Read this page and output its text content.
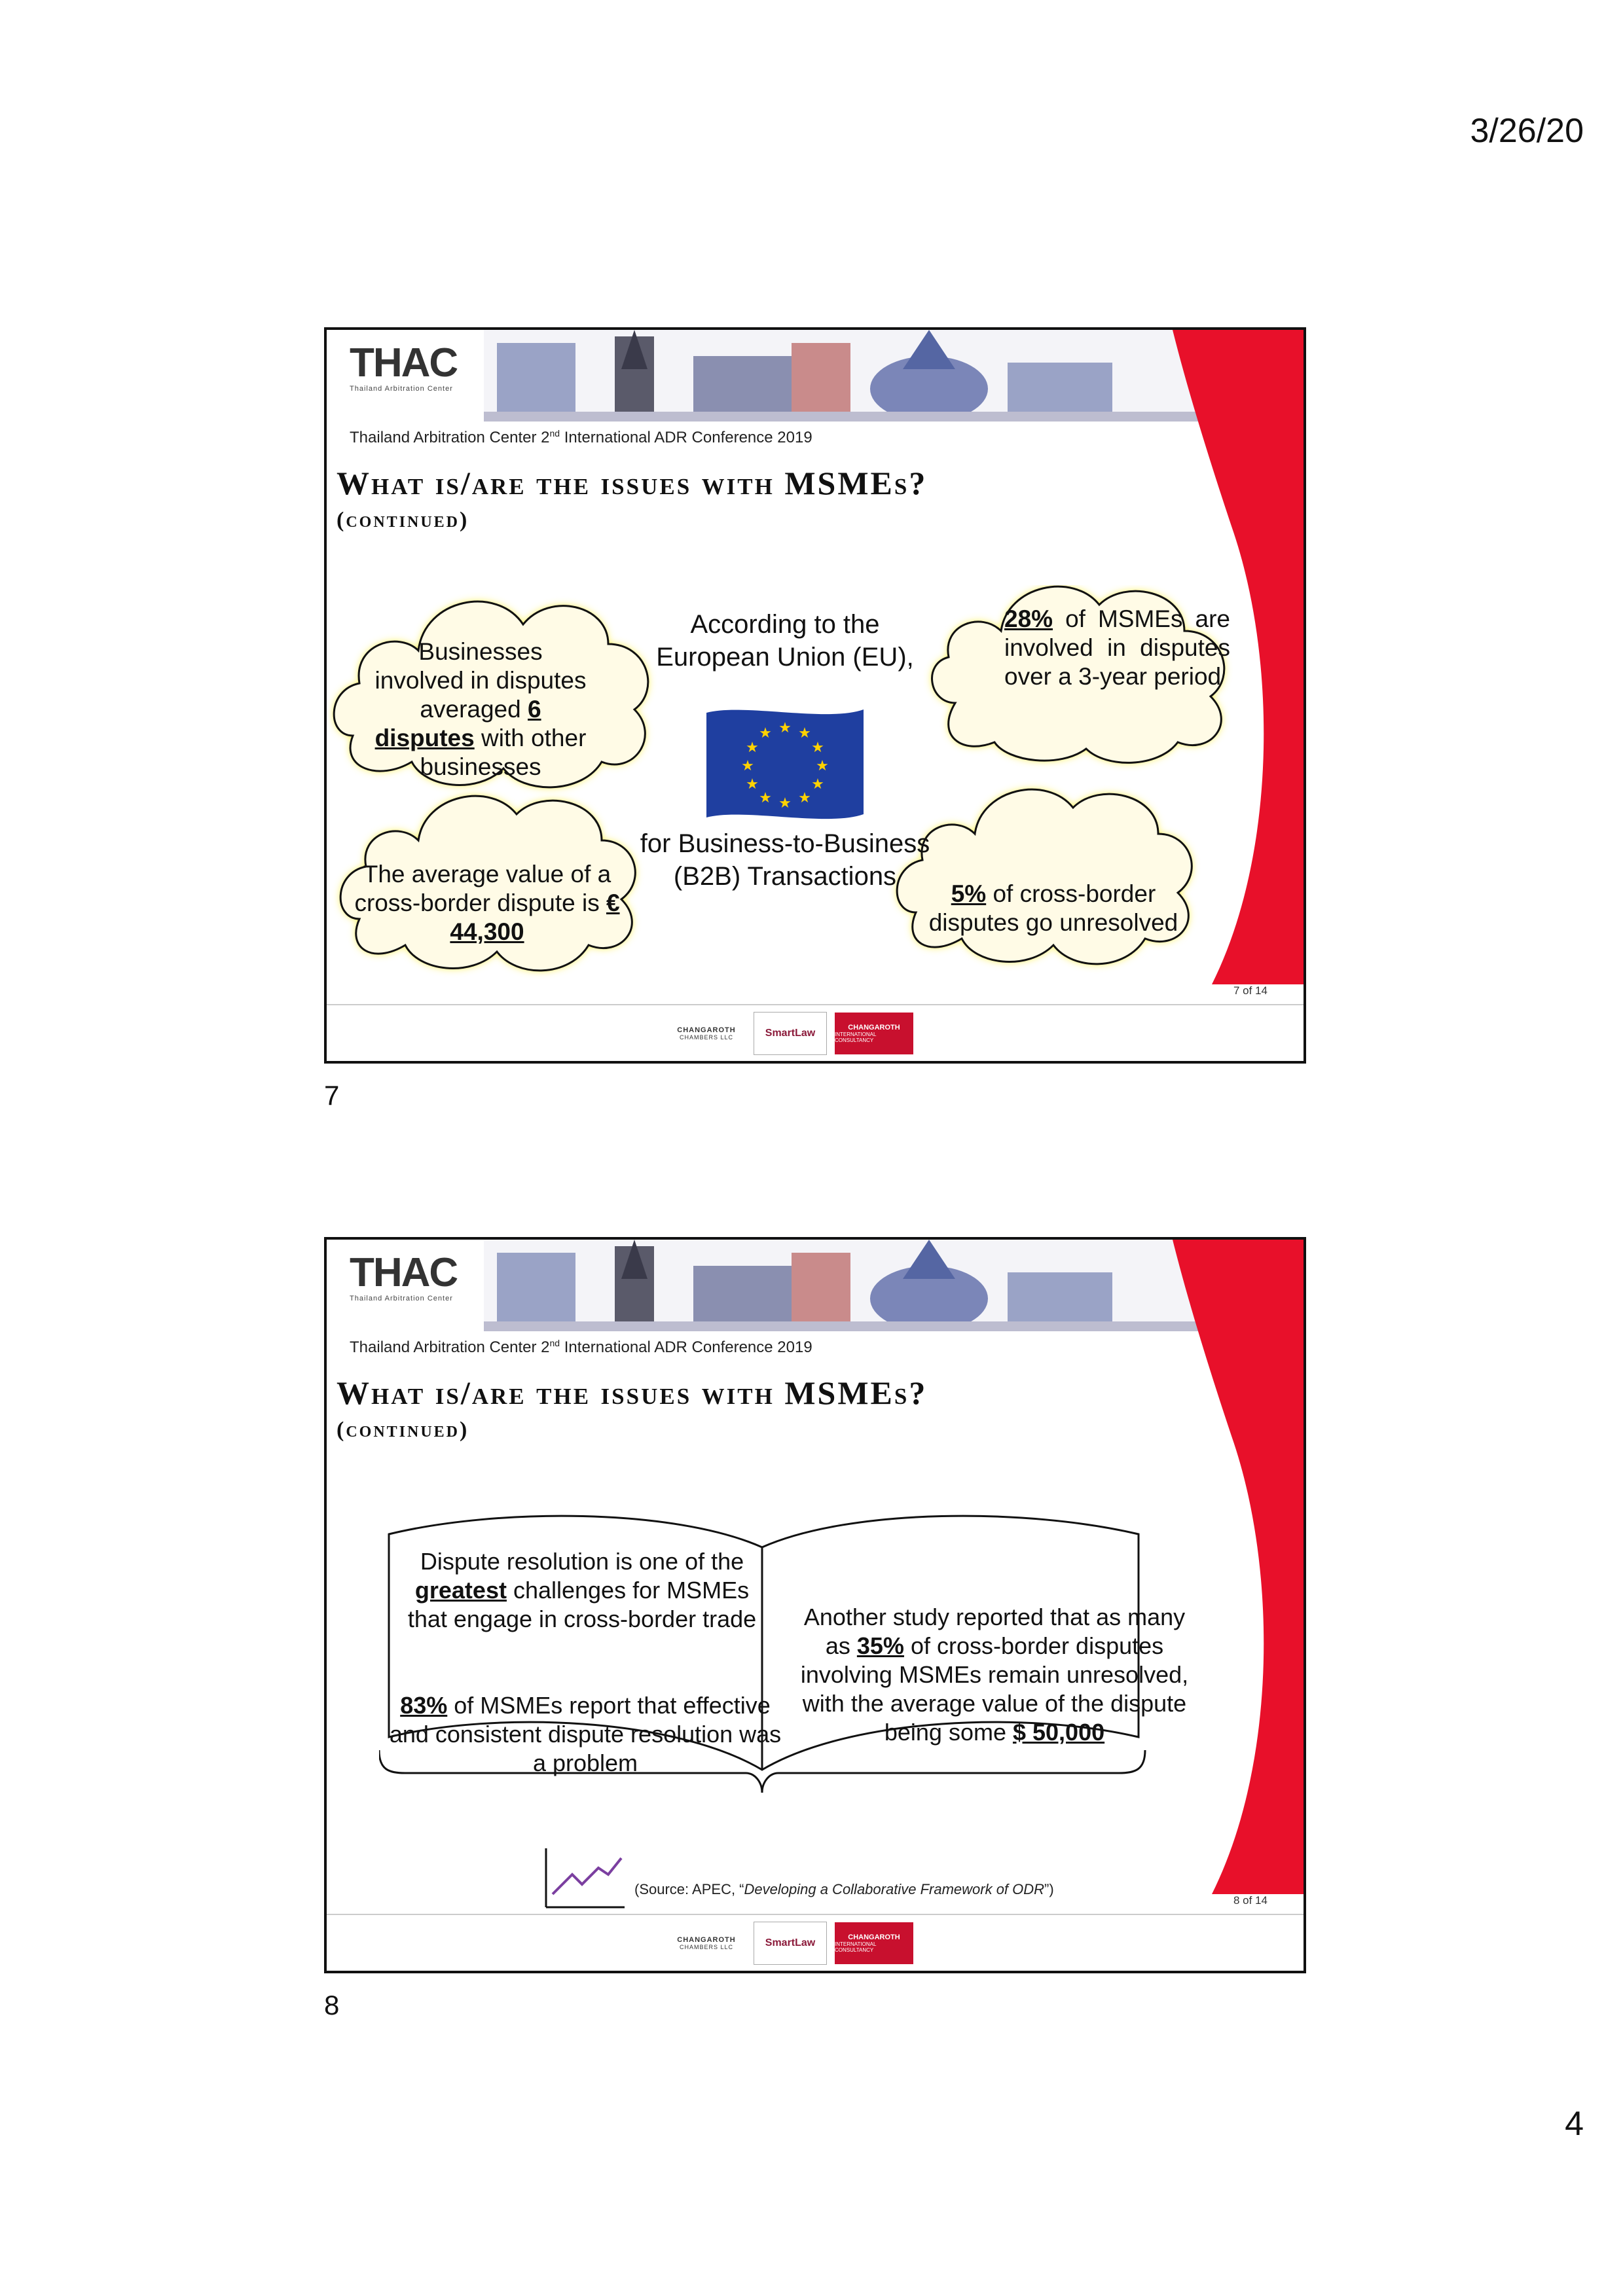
3/26/20
THAC
Thailand Arbitration Center
Thailand Arbitration Center 2nd International ADR Conference 2019
What is/are the issues with MSMEs?
(continued)
Businesses involved in disputes averaged 6 disputes with other businesses
28% of MSMEs are involved in disputes over a 3-year period
The average value of a cross-border dispute is € 44,300
5% of cross-border disputes go unresolved
According to the European Union (EU),
★ ★
★
★
★
★
★
★
★
★
★
★
for Business-to-Business (B2B) Transactions
7 of 14
CHANGAROTH
CHAMBERS LLC	SmartLaw	CHANGAROTH
INTERNATIONAL CONSULTANCY
7
THAC
Thailand Arbitration Center
Thailand Arbitration Center 2nd International ADR Conference 2019
What is/are the issues with MSMEs?
(continued)
Dispute resolution is one of the greatest challenges for MSMEs that engage in cross-border trade
83% of MSMEs report that effective and consistent dispute resolution was a problem
Another study reported that as many as 35% of cross-border disputes involving MSMEs remain unresolved, with the average value of the dispute being some $ 50,000
(Source: APEC, “Developing a Collaborative Framework of ODR”)
8 of 14
CHANGAROTH
CHAMBERS LLC	SmartLaw	CHANGAROTH
INTERNATIONAL CONSULTANCY
8
4
